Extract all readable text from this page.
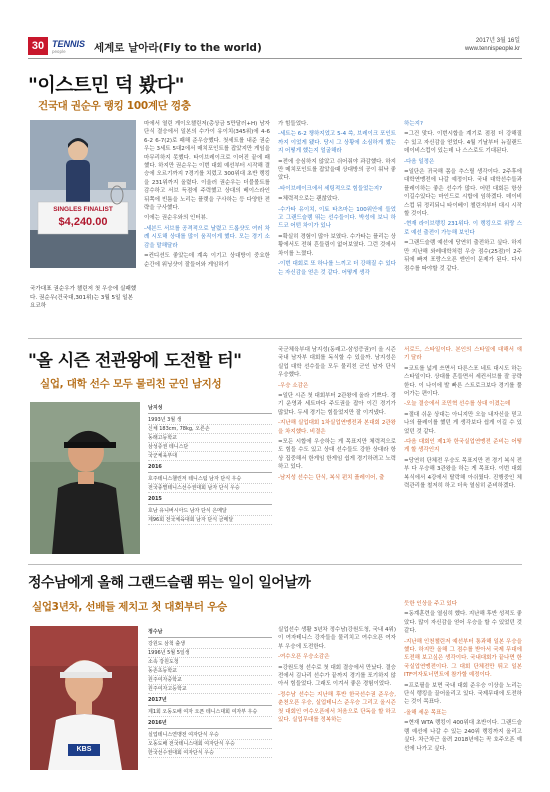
30 TENNIS
people	세계로 날아라(Fly to the world)
2017년 3월 16일
www.tennispeople.kr
"이스트민 덕 봤다"
건국대 권순우 랭킹 100계단 껑충
SINGLES FINALIST
$4,240.00
국가대표 권순우가 챌린저 첫 우승에 실패했다. 권순우(건국대,301위)는 3월 5일 일본 요코하

마에서 열린 게이오챌린저(총상금 5만달러+H) 남자단식 결승에서 일본의 수가이 유이치(345위)에 4-6 6-2 6-7(2)로 패해 준우승했다. 첫세트를 내준 권순우는 3세트 5대2에서 매치포인트를 잡았지만 게임을 마무리하지 못했다. 타이브레이크로 이어진 끝에 패했다. 하지만 권순우는 이번 대회 예선부터 시작해 결승에 오르기까지 7경기를 치렀고 300위대 초반 랭킹을 231위까지 올렸다. 이울러 권순우는 더블볼트를 감수하고 서브 득점에 주력했고 상대의 베이스라인 뒤쪽에 빈틈을 노리는 플랫을 구사하는 등 다양한 전략을 구사했다.

이에는 권순우와의 인터뷰.

-세븐드 서브를 공격적으로 날렸고 드롭샷도 여러 차례 시도해 상대를 많이 움직이게 했다. 모는 경기 소감을 말해달라

=컨디션도 좋았는데 계속 이기고 상대방이 중요한 순간에 위닝샷이 잘들어와 게임하기

가 힘들었다.

-세트는 6-2 챙하지었고 5-4 쓱, 브레이크 포인트까지 이었게 됐다. 당시 그 상황에 소심하게 했는지 어떻게 했는지 얼굴해라

=전에 승심하지 않았고 쉬어줘야 과감했다. 하지만 메치포인트를 잡았을때 상대방의 공이 워낙 좋았다.

-타이브레이크에서 세팅적으로 힘들었는지?

=체력적으로는 괜찮았다.

-수가타 유이치, 이토 타츠마는 100위안에 들었고 그랜드슬램 뛰는 선수들이다. 박성에 보니 하드코 어떤 차이가 있나

=확실히 경험이 많아 보였다. 수가타는 플리는 상황에서도 전혀 흔들림이 없어보였다. 그런 것에서 차이를 느꼈다.

-이번 대회로 또 하나를 느끼고 더 강해질 수 있다는 자신감을 얻은 것 같다. 어떻게 생각

하는지?

=그건 맞다. 이번시합을 계기로 점점 더 강해질 수 있고 자신감을 얻었다. 4월 기날부터 뉴질랜드 데이비스컵이 있는데 나 스스로도 기대된다.

-다음 일정은

=일단은 귀국해 몸을 추스릴 생각이다. 2주후에 대학연맹전에 나갈 예정이다. 국내 대학선수들과 플레이하는 좋은 선수가 많다. 어떤 대회든 항상 이길수있다는 마인드로 시합에 임하겠다. 데이비스컵 뒤 정리되니 타이베이 챌린저부터 대시 시작할 것이다.

-현재 라이브랭킹 231위다. 이 랭킹으로 위랑 스로 예선 출전이 가능해 보인다

=그랜드슬램 예선에 당연히 출전하고 싶다. 하지만 지난해 와레대학처럼 우승 점수(25점)이 2주 뒤에 빠져 포랑스오픈 엔인이 문제가 된다. 다시 점수를 따야할 것 같다.

"올 시즌 전관왕에 도전할 터"
실업, 대학 선수 모두 물리친 군인 남지성
남지성
1993년 3월 생
신체 183cm, 78kg, 오른손
동래고등학교
삼성증권 테니스단
국군체육부대
2016
호주테니스챌린저 테니스팀 남자 단식 우승
전국종별테니스선수권대회 남자 단식 우승
2015
호남 유니버시아드 남자 단식 은메달
제96회 전국체육대회 남자 단식 금메달

국군체육부대 남지성(동래고-삼성증권)이 올 시즌 국내 남자부 대회를 독식할 수 있을까. 남지성은 실업 대학 선수들을 모두 물리친 군인 남자 단식 우승했다.

-우승 소감은

=일단 시즌 첫 대회부터 2관왕에 올라 기쁘다. 경기 운영과 세트마다 주도권을 잡아 이긴 경기가 많았다. 두세 경기는 힘들었지만 잘 이겨냈다.

-지난해 실업대회 1차실업연맹전과 본대회 2관왕을 차지했다. 비결은

=모든 시합에 우승하는 게 목표지만 체력적으로도 힘들 수도 있고 상대 선수들도 강한 상대라 항상 집중해서 한게임 한게임 쉽게 경기하려고 노력하고 있다.

-남지성 선수는 단식, 복식 펀치 플레이어, 출

서로드, 스타일이다. 본인의 스타일에 대해서 얘기 달라

=코트를 넓게 쓰면서 다른스포 네트 대시도 하는 스타일이다. 상대를 흔들면서 세컨서브를 잘 공략한다. 이 나이에 발 빠른 스트로크보다 경기를 풀어가는 편이다.

-오늘 결승에서 조민혁 선수를 상대 이겼는데

=절대 쉬운 상대는 아니지만 오늘 내자신을 믿고 나의 플레이를 했던 게 생각보다 쉽게 이길 수 있었던 것 같다.

-다음 대회인 제1차 한국실업연맹전 준비는 어떻게 할 생각인지

=당연히 단체전 우승도 목표지만 전 경기 복식 전부 다 우승해 3관왕을 하는 게 목표다. 이번 대회 복식에서 4강에서 탈락해 아쉬웠다. 진행중인 체력관리를 철저히 하고 더욱 열심히 준비하겠다.

정수남에게 올해 그랜드슬램 뛰는 일이 일어날까
실업3년차, 선배들 제치고 첫 대회부터 우승
KBS
정수남
강원도 삼척 출생
1996년 5월 5일생
소속 강원도청
동존초등학교
원주여자중학교
원주여자고등학교
2017년
제1회 오동도배 여자 오픈 테니스대회 여자부 우승
2016년
실업테니스연맹전 여자단식 우승
오동도배 전국테니스대회 여자단식 우승
한국선수권대회 여자단식 우승

실업선수 생활 3년차 정수남(강원도청, 국내 4위)이 여자테니스 강자들을 물리치고 여수오픈 여자부 우승에 도전한다.

-여수오픈 우승소감은

=강원도청 선수로 첫 대회 결승에서 만났다. 결승전에서 김나리 선수가 끝까지 경기를 포기하지 않아서 힘들었다. 그래도 이겨서 좋은 경험이었다.

-정수남 선수는 지난해 후반 한국선수권 준우승, 춘천오픈 우승, 실업테니스 준우승 그리고 올시즌 첫 대회인 여수오픈에서 처음으로 단독을 할 하고 있다. 실업무대를 정복하는

듯한 인상을 주고 있다

=동계훈련을 열심히 했다. 지난해 후반 성적도 좋았다. 많이 자신감을 얻어 우승을 할 수 있었던 것 같다.

-지난해 인천챌린저 예선부터 통과해 일본 우승을 했다. 하지만 올해 그 점수를 받아서 국제 무대에 도전해 보고싶은 생각이다. 국내대회가 끝나면 한국실업연맹전이다. 그 대회 단체전만 뛰고 일본 ITF여자토너먼트에 참가할 예정이다.

=프로필을 보면 국내 대회 준우승 이상을 노리는 단식 랭킹을 끌어올리고 있다. 국제무대에 도전하는 것이 목표다.

-올해 세운 목표는

=현재 WTA 랭킹이 400위대 초반이다. 그랜드슬램 예선에 나갈 수 있는 240위 랭킹까지 올리고 싶다. 차근차근 올려 2018년에는 꼭 호주오픈 예선에 나가고 싶다.
